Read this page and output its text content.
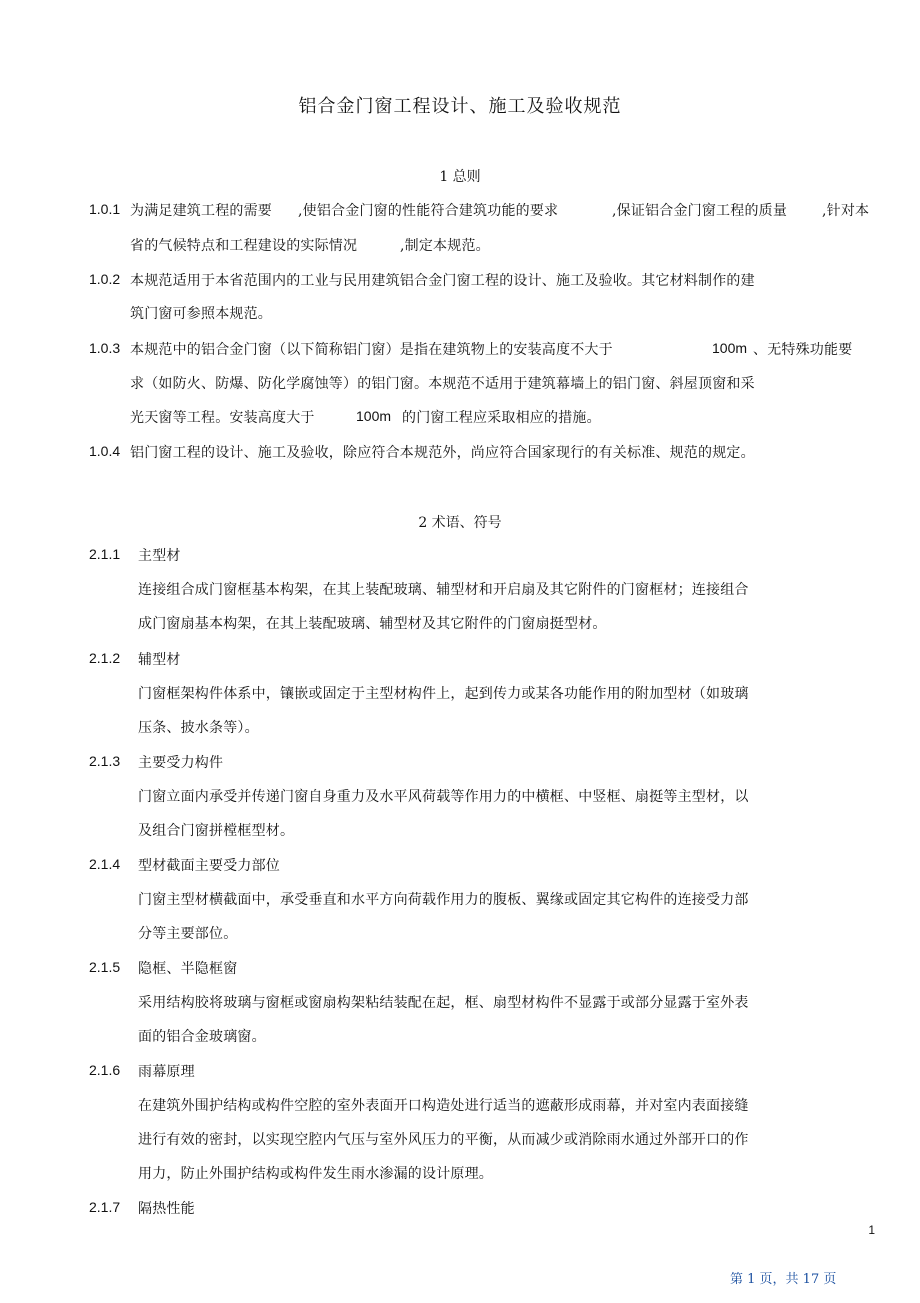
铝合金门窗工程设计、施工及验收规范
1 总则
1.0.1 为满足建筑工程的需要 ,使铝合金门窗的性能符合建筑功能的要求	,保证铝合金门窗工程的质量 ,针对本
省的气候特点和工程建设的实际情况	,制定本规范。
1.0.2 本规范适用于本省范围内的工业与民用建筑铝合金门窗工程的设计、施工及验收。其它材料制作的建
筑门窗可参照本规范。
1.0.3 本规范中的铝合金门窗（以下简称铝门窗）是指在建筑物上的安装高度不大于	100m 、无特殊功能要
求（如防火、防爆、防化学腐蚀等）的铝门窗。本规范不适用于建筑幕墙上的铝门窗、斜屋顶窗和采
光天窗等工程。安装高度大于	100m 的门窗工程应采取相应的措施。
1.0.4 铝门窗工程的设计、施工及验收，除应符合本规范外，尚应符合国家现行的有关标准、规范的规定。
2 术语、符号
2.1.1 主型材
连接组合成门窗框基本构架，在其上装配玻璃、辅型材和开启扇及其它附件的门窗框材；连接组合
成门窗扇基本构架，在其上装配玻璃、辅型材及其它附件的门窗扇挺型材。
2.1.2 辅型材
门窗框架构件体系中，镶嵌或固定于主型材构件上，起到传力或某各功能作用的附加型材（如玻璃
压条、披水条等）。
2.1.3 主要受力构件
门窗立面内承受并传递门窗自身重力及水平风荷载等作用力的中横框、中竖框、扇挺等主型材，以
及组合门窗拼樘框型材。
2.1.4 型材截面主要受力部位
门窗主型材横截面中，承受垂直和水平方向荷载作用力的腹板、翼缘或固定其它构件的连接受力部
分等主要部位。
2.1.5 隐框、半隐框窗
采用结构胶将玻璃与窗框或窗扇构架粘结装配在起，框、扇型材构件不显露于或部分显露于室外表
面的铝合金玻璃窗。
2.1.6 雨幕原理
在建筑外围护结构或构件空腔的室外表面开口构造处进行适当的遮蔽形成雨幕，并对室内表面接缝
进行有效的密封，以实现空腔内气压与室外风压力的平衡，从而减少或消除雨水通过外部开口的作
用力，防止外围护结构或构件发生雨水渗漏的设计原理。
2.1.7 隔热性能
1
第 1 页，共 17 页
